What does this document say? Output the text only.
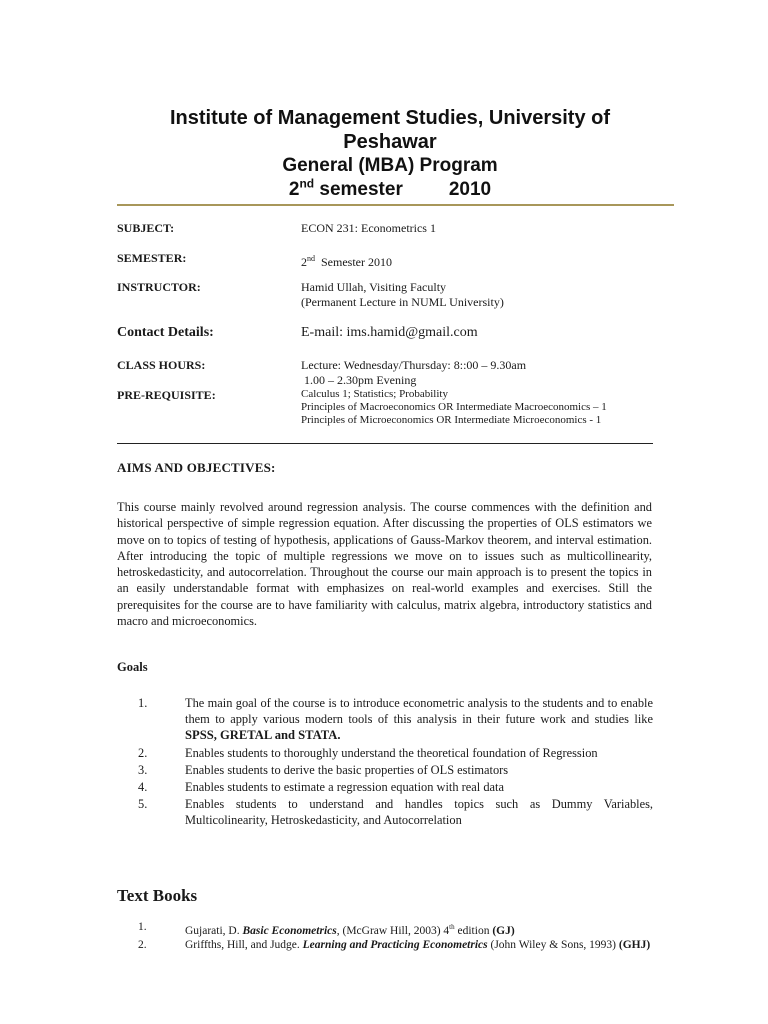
Institute of Management Studies, University of
Peshawar
General (MBA) Program
2nd semester 2010
SUBJECT:	ECON 231: Econometrics 1
SEMESTER:	2nd Semester 2010
INSTRUCTOR:	Hamid Ullah, Visiting Faculty
(Permanent Lecture in NUML University)
Contact Details:	E-mail: ims.hamid@gmail.com
CLASS HOURS:	Lecture: Wednesday/Thursday: 8::00 – 9.30am
1.00 – 2.30pm Evening
PRE-REQUISITE:	Calculus 1; Statistics; Probability
Principles of Macroeconomics OR Intermediate Macroeconomics – 1
Principles of Microeconomics OR Intermediate Microeconomics - 1
AIMS AND OBJECTIVES:
This course mainly revolved around regression analysis. The course commences with the definition and historical perspective of simple regression equation. After discussing the properties of OLS estimators we move on to topics of testing of hypothesis, applications of Gauss-Markov theorem, and interval estimation. After introducing the topic of multiple regressions we move on to issues such as multicollinearity, hetroskedasticity, and autocorrelation. Throughout the course our main approach is to present the topics in an easily understandable format with emphasizes on real-world examples and exercises. Still the prerequisites for the course are to have familiarity with calculus, matrix algebra, introductory statistics and macro and microeconomics.
Goals
1.	The main goal of the course is to introduce econometric analysis to the students and to enable them to apply various modern tools of this analysis in their future work and studies like SPSS, GRETAL and STATA.
2.	Enables students to thoroughly understand the theoretical foundation of Regression
3.	Enables students to derive the basic properties of OLS estimators
4.	Enables students to estimate a regression equation with real data
5.	Enables students to understand and handles topics such as Dummy Variables, Multicolinearity, Hetroskedasticity, and Autocorrelation
Text Books
1.	Gujarati, D. Basic Econometrics, (McGraw Hill, 2003) 4th edition (GJ)
2.	Griffths, Hill, and Judge. Learning and Practicing Econometrics (John Wiley & Sons, 1993) (GHJ)
